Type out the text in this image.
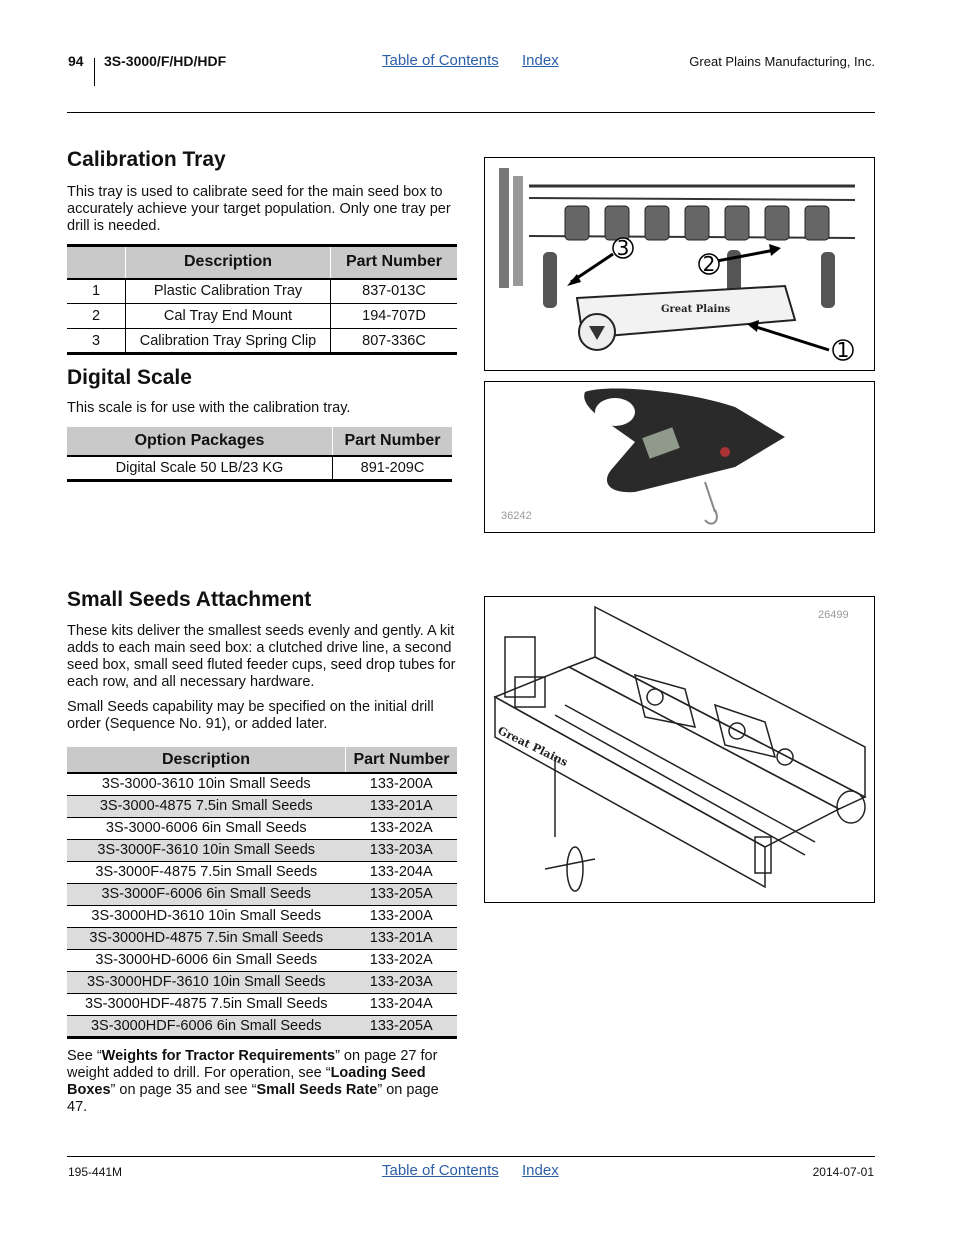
94 3S-3000/F/HD/HDF	Table of Contents Index	Great Plains Manufacturing, Inc.
Calibration Tray

This tray is used to calibrate seed for the main seed box to accurately achieve your target population. Only one tray per drill is needed.

	Description	Part Number
1	Plastic Calibration Tray	837-013C
2	Cal Tray End Mount	194-707D
3	Calibration Tray Spring Clip	807-336C
Great Plains
3
2
1
Digital Scale

This scale is for use with the calibration tray.

Option Packages	Part Number
Digital Scale 50 LB/23 KG	891-209C
36242
Small Seeds Attachment

These kits deliver the smallest seeds evenly and gently. A kit adds to each main seed box: a clutched drive line, a second seed box, small seed fluted feeder cups, seed drop tubes for each row, and all necessary hardware.

Small Seeds capability may be specified on the initial drill order (Sequence No. 91), or added later.

Description	Part Number
3S-3000-3610 10in Small Seeds	133-200A
3S-3000-4875 7.5in Small Seeds	133-201A
3S-3000-6006 6in Small Seeds	133-202A
3S-3000F-3610 10in Small Seeds	133-203A
3S-3000F-4875 7.5in Small Seeds	133-204A
3S-3000F-6006 6in Small Seeds	133-205A
3S-3000HD-3610 10in Small Seeds	133-200A
3S-3000HD-4875 7.5in Small Seeds	133-201A
3S-3000HD-6006 6in Small Seeds	133-202A
3S-3000HDF-3610 10in Small Seeds	133-203A
3S-3000HDF-4875 7.5in Small Seeds	133-204A
3S-3000HDF-6006 6in Small Seeds	133-205A

See “Weights for Tractor Requirements” on page 27 for weight added to drill. For operation, see “Loading Seed Boxes” on page 35 and see “Small Seeds Rate” on page 47.

Great Plains
26499
195-441M	Table of Contents Index	2014-07-01
